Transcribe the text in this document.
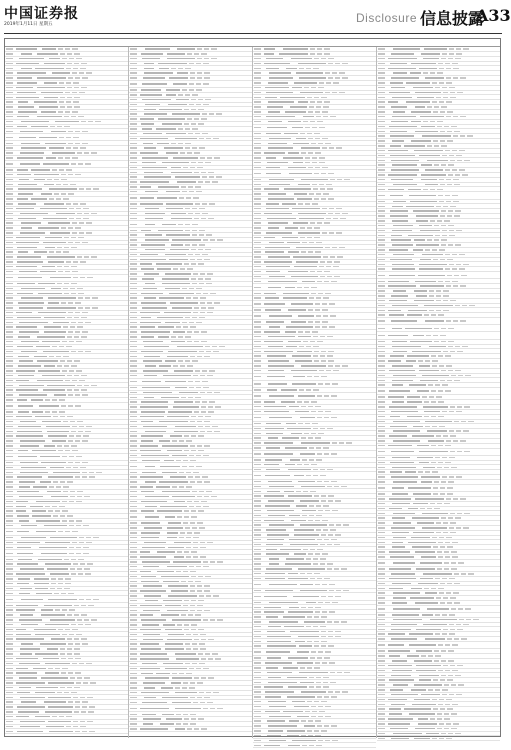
中国证券报
2019年1月11日 星期五	Disclosure 信息披露
A33
